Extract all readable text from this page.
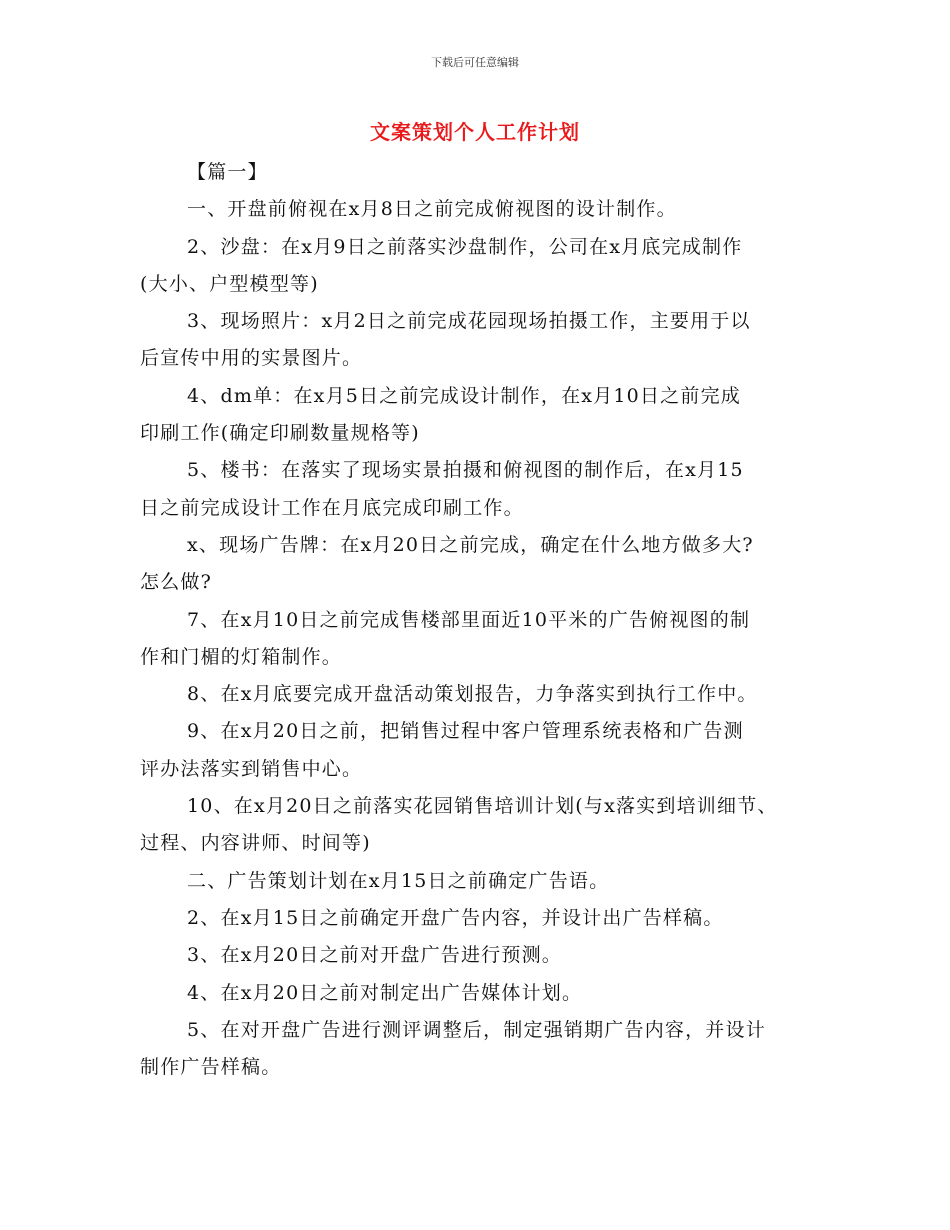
下载后可任意编辑
文案策划个人工作计划
【篇一】
一、开盘前俯视在x月8日之前完成俯视图的设计制作。
2、沙盘：在x月9日之前落实沙盘制作，公司在x月底完成制作
(大小、户型模型等)
3、现场照片：x月2日之前完成花园现场拍摄工作，主要用于以
后宣传中用的实景图片。
4、dm单：在x月5日之前完成设计制作，在x月10日之前完成
印刷工作(确定印刷数量规格等)
5、楼书：在落实了现场实景拍摄和俯视图的制作后，在x月15
日之前完成设计工作在月底完成印刷工作。
x、现场广告牌：在x月20日之前完成，确定在什么地方做多大?
怎么做?
7、在x月10日之前完成售楼部里面近10平米的广告俯视图的制
作和门楣的灯箱制作。
8、在x月底要完成开盘活动策划报告，力争落实到执行工作中。
9、在x月20日之前，把销售过程中客户管理系统表格和广告测
评办法落实到销售中心。
10、在x月20日之前落实花园销售培训计划(与x落实到培训细节、
过程、内容讲师、时间等)
二、广告策划计划在x月15日之前确定广告语。
2、在x月15日之前确定开盘广告内容，并设计出广告样稿。
3、在x月20日之前对开盘广告进行预测。
4、在x月20日之前对制定出广告媒体计划。
5、在对开盘广告进行测评调整后，制定强销期广告内容，并设计
制作广告样稿。
